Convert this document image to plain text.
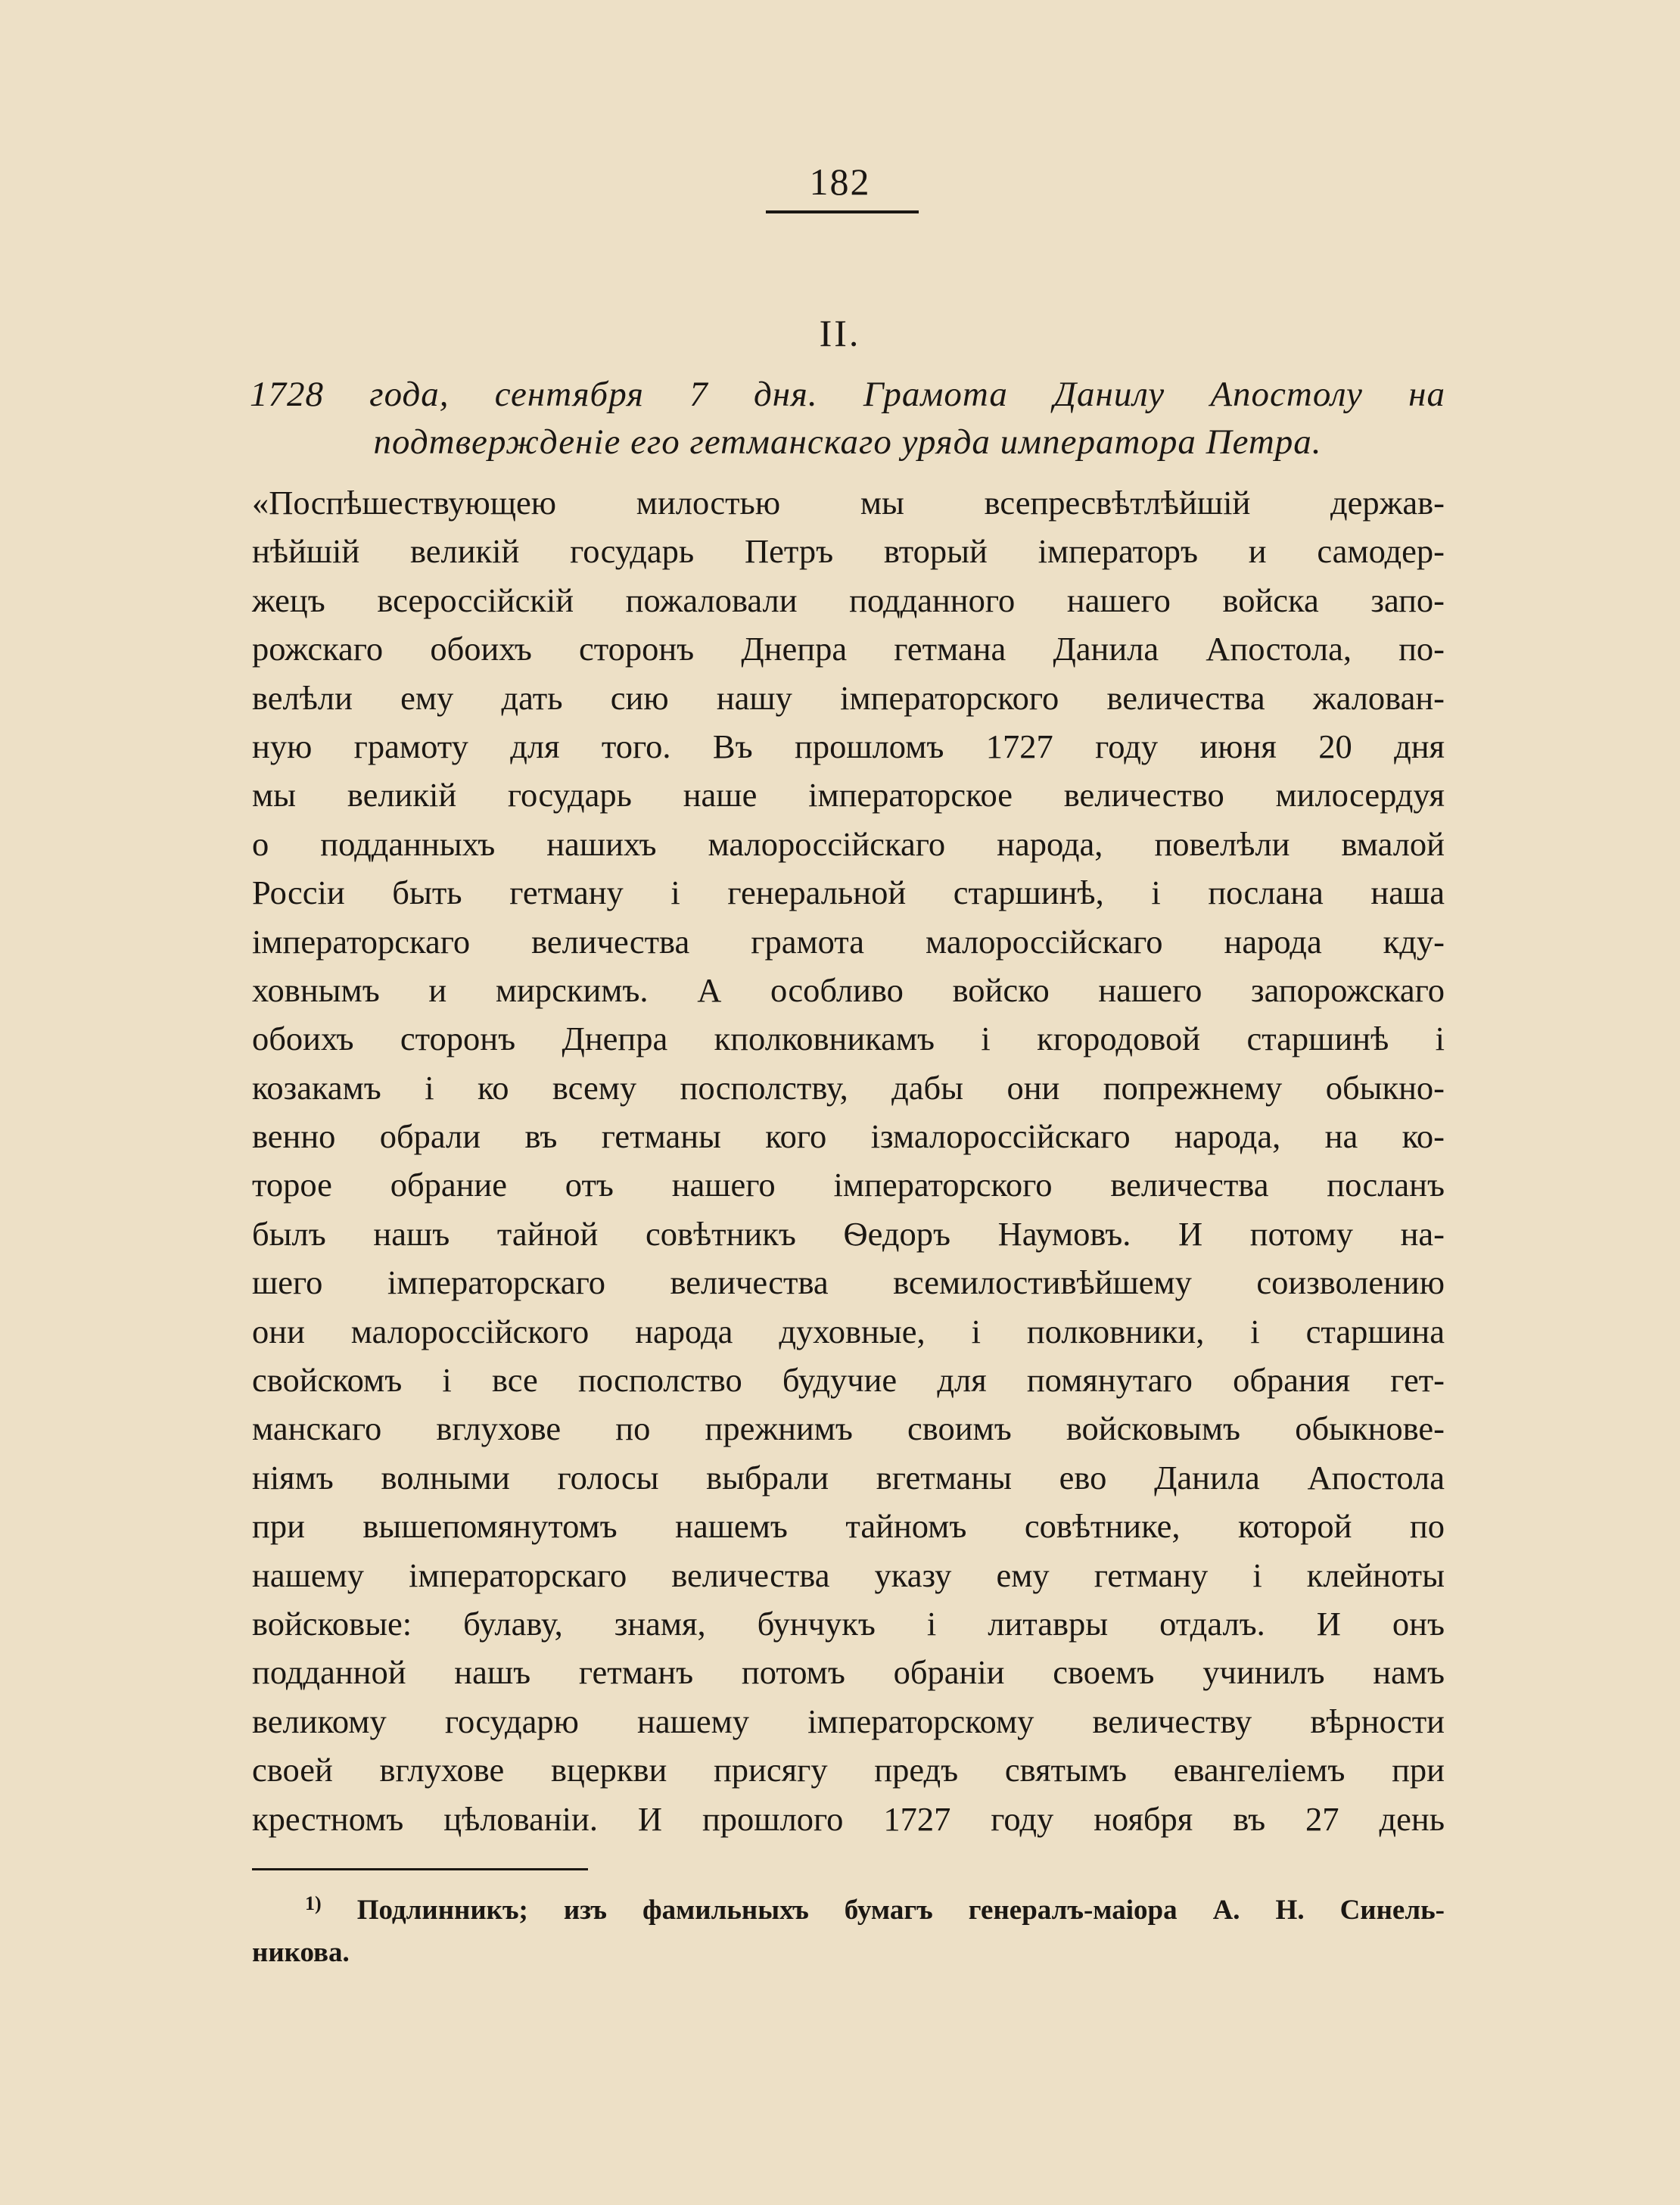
182
II.
1728 года, сентября 7 дня. Грамота Данилу Апостолу на
подтвержденіе его гетманскаго уряда императора Петра.
«Поспѣшествующею милостью мы всепресвѣтлѣйшій держав-
нѣйшій великій государь Петръ вторый імператоръ и самодер-
жецъ всероссійскій пожаловали подданного нашего войска запо-
рожскаго обоихъ сторонъ Днепра гетмана Данила Апостола, по-
велѣли ему дать сию нашу імператорского величества жалован-
ную грамоту для того. Въ прошломъ 1727 году июня 20 дня
мы великій государь наше імператорское величество милосердуя
о подданныхъ нашихъ малороссійскаго народа, повелѣли вмалой
Россіи быть гетману і генеральной старшинѣ, і послана наша
імператорскаго величества грамота малороссійскаго народа кду-
ховнымъ и мирскимъ. А особливо войско нашего запорожскаго
обоихъ сторонъ Днепра кполковникамъ і кгородовой старшинѣ і
козакамъ і ко всему посполству, дабы они попрежнему обыкно-
венно обрали въ гетманы кого ізмалороссійскаго народа, на ко-
торое обрание отъ нашего імператорского величества посланъ
былъ нашъ тайной совѣтникъ Ѳедоръ Наумовъ. И потому на-
шего імператорскаго величества всемилостивѣйшему соизволению
они малороссійского народа духовные, і полковники, і старшина
свойскомъ і все посполство будучие для помянутаго обрания гет-
манскаго вглухове по прежнимъ своимъ войсковымъ обыкнове-
ніямъ волными голосы выбрали вгетманы ево Данила Апостола
при вышепомянутомъ нашемъ тайномъ совѣтнике, которой по
нашему імператорскаго величества указу ему гетману і клейноты
войсковые: булаву, знамя, бунчукъ і литавры отдалъ. И онъ
подданной нашъ гетманъ потомъ обраніи своемъ учинилъ намъ
великому государю нашему імператорскому величеству вѣрности
своей вглухове вцеркви присягу предъ святымъ евангеліемъ при
крестномъ цѣлованіи. И прошлого 1727 году ноября въ 27 день
$^{1)}$ Подлинникъ; изъ фамильныхъ бумагъ генералъ-маіора А. Н. Синель-
никова.
